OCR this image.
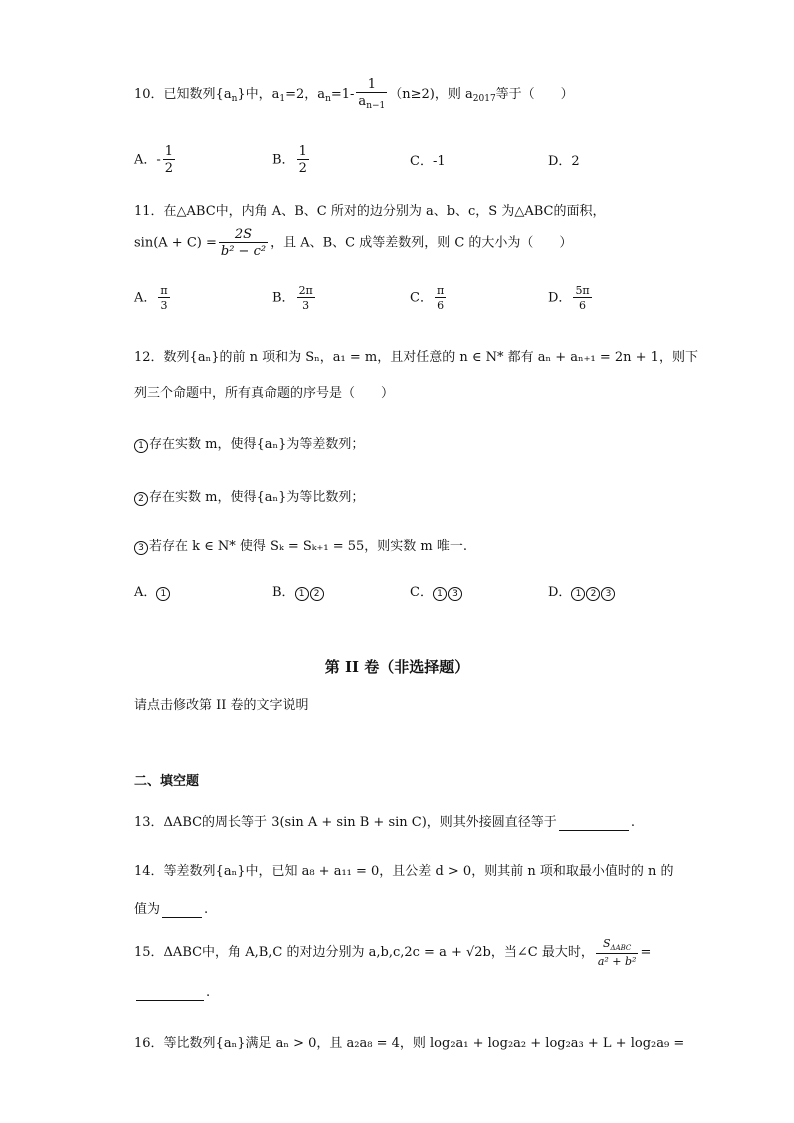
10．已知数列$\{a_n\}$中，$a_1=2$，$a_n=1- \frac{1}{a_{n-1}} (n\ge 2)$，则 $a_{2017}$等于（　　）
A．- $\frac{1}{2}$	B． $\frac{1}{2}$	C．-1	D．2
11．在△ABC中，内角 A、B、C 所对的边分别为 a、b、c，S 为△ABC的面积，
$\sin(A + C) = \frac{2S}{\text{b² − c²}}$ ，且 A、B、C 成等差数列，则 C 的大小为（　　）
A． $\frac{\pi}{3}$	B． $\frac{2\pi}{3}$	C． $\frac{\pi}{6}$	D． $\frac{5\pi}{6}$
12．数列{aₙ}的前 n 项和为 Sₙ，a₁ = m，且对任意的 n ∈ N* 都有 aₙ + aₙ₊₁ = 2n + 1，则下
列三个命题中，所有真命题的序号是（　　）
1 存在实数 m，使得{aₙ}为等差数列；
2 存在实数 m，使得{aₙ}为等比数列；
3 若存在 k ∈ N* 使得 Sₖ = Sₖ₊₁ = 55，则实数 m 唯一.
A． 1	B． 1 2	C． 1 3	D． 1 2 3
第 II 卷（非选择题）
请点击修改第 II 卷的文字说明
二、填空题
13．ΔABC的周长等于 3(sin A + sin B + sin C)，则其外接圆直径等于	.
14．等差数列{aₙ}中，已知 a₈ + a₁₁ = 0，且公差 d > 0，则其前 n 项和取最小值时的 n 的
值为	.
15．ΔABC中，角 A,B,C 的对边分别为 a,b,c,2c = a + √2b，当∠C 最大时， $\frac{S_{\Delta ABC}}{\text{a² + b²}}$ =
.
16．等比数列{aₙ}满足 aₙ > 0，且 a₂a₈ = 4，则 log₂a₁ + log₂a₂ + log₂a₃ + L + log₂a₉ =
